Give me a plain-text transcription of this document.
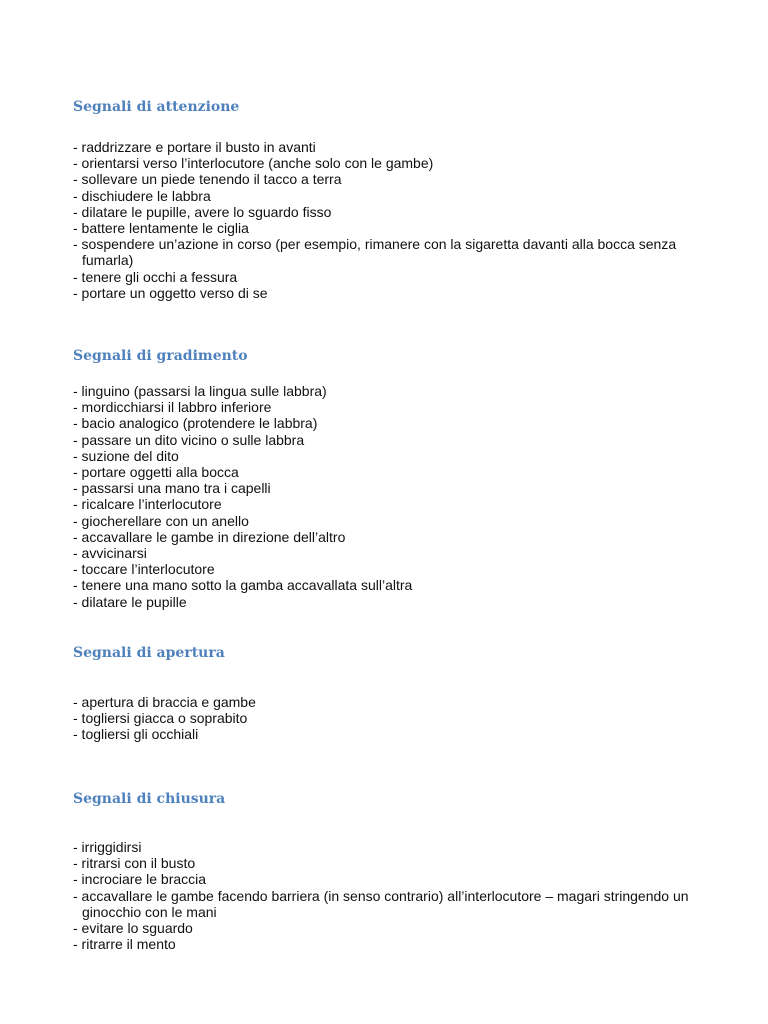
Segnali di attenzione
- raddrizzare e portare il busto in avanti
- orientarsi verso l’interlocutore (anche solo con le gambe)
- sollevare un piede tenendo il tacco a terra
- dischiudere le labbra
- dilatare le pupille, avere lo sguardo fisso
- battere lentamente le ciglia
- sospendere un’azione in corso (per esempio, rimanere con la sigaretta davanti alla bocca senza fumarla)
- tenere gli occhi a fessura
- portare un oggetto verso di se
Segnali di gradimento
- linguino (passarsi la lingua sulle labbra)
- mordicchiarsi il labbro inferiore
- bacio analogico (protendere le labbra)
- passare un dito vicino o sulle labbra
- suzione del dito
- portare oggetti alla bocca
- passarsi una mano tra i capelli
- ricalcare l’interlocutore
- giocherellare con un anello
- accavallare le gambe in direzione dell’altro
- avvicinarsi
- toccare l’interlocutore
- tenere una mano sotto la gamba accavallata sull’altra
- dilatare le pupille
Segnali di apertura
- apertura di braccia e gambe
- togliersi giacca o soprabito
- togliersi gli occhiali
Segnali di chiusura
- irriggidirsi
- ritrarsi con il busto
- incrociare le braccia
- accavallare le gambe facendo barriera (in senso contrario) all’interlocutore – magari stringendo un ginocchio con le mani
- evitare lo sguardo
- ritrarre il mento
